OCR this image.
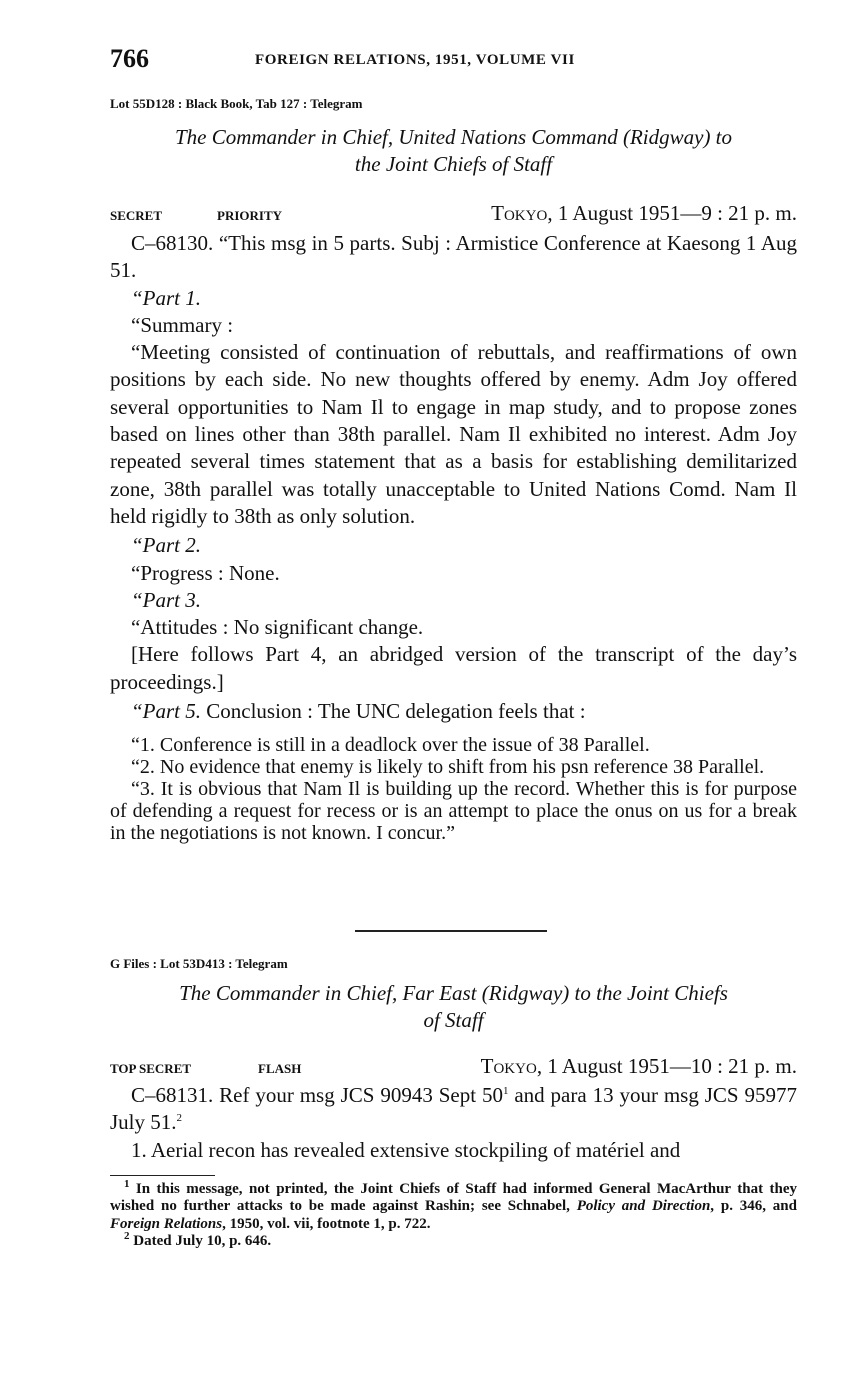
766	FOREIGN RELATIONS, 1951, VOLUME VII

Lot 55D128 : Black Book, Tab 127 : Telegram

The Commander in Chief, United Nations Command (Ridgway) to

the Joint Chiefs of Staff

SECRET	PRIORITY	Tokyo, 1 August 1951—9 : 21 p. m.

C–68130. “This msg in 5 parts. Subj : Armistice Conference at Kaesong 1 Aug 51.

“Part 1.

“Summary :

“Meeting consisted of continuation of rebuttals, and reaffirmations of own positions by each side. No new thoughts offered by enemy. Adm Joy offered several opportunities to Nam Il to engage in map study, and to propose zones based on lines other than 38th parallel. Nam Il exhibited no interest. Adm Joy repeated several times statement that as a basis for establishing demilitarized zone, 38th parallel was totally unacceptable to United Nations Comd. Nam Il held rigidly to 38th as only solution.

“Part 2.

“Progress : None.

“Part 3.

“Attitudes : No significant change.

[Here follows Part 4, an abridged version of the transcript of the day’s proceedings.]

“Part 5. Conclusion : The UNC delegation feels that :

“1. Conference is still in a deadlock over the issue of 38 Parallel.

“2. No evidence that enemy is likely to shift from his psn reference 38 Parallel.

“3. It is obvious that Nam Il is building up the record. Whether this is for purpose of defending a request for recess or is an attempt to place the onus on us for a break in the negotiations is not known. I concur.”

G Files : Lot 53D413 : Telegram

The Commander in Chief, Far East (Ridgway) to the Joint Chiefs

of Staff

TOP SECRET	FLASH	Tokyo, 1 August 1951—10 : 21 p. m.

C–68131. Ref your msg JCS 90943 Sept $50^1$ and para 13 your msg JCS 95977 July 51.$^2$

1. Aerial recon has revealed extensive stockpiling of matériel and

$^1$ In this message, not printed, the Joint Chiefs of Staff had informed General MacArthur that they wished no further attacks to be made against Rashin; see Schnabel, Policy and Direction, p. 346, and Foreign Relations, 1950, vol. vii, footnote 1, p. 722.

$^2$ Dated July 10, p. 646.
